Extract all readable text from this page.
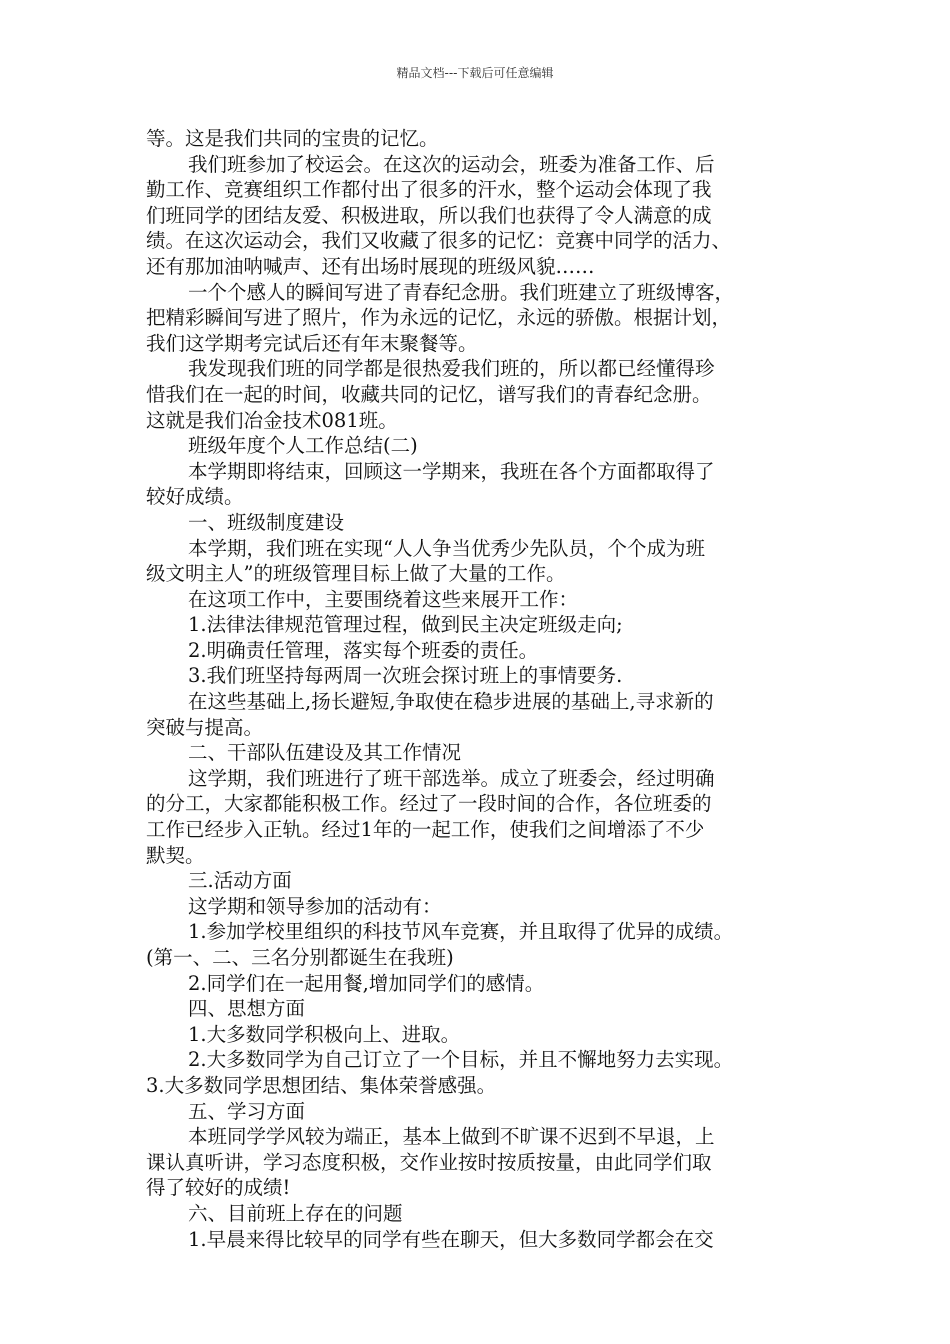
精品文档---下载后可任意编辑
等。这是我们共同的宝贵的记忆。
我们班参加了校运会。在这次的运动会，班委为准备工作、后
勤工作、竞赛组织工作都付出了很多的汗水，整个运动会体现了我
们班同学的团结友爱、积极进取，所以我们也获得了令人满意的成
绩。在这次运动会，我们又收藏了很多的记忆：竞赛中同学的活力、
还有那加油呐喊声、还有出场时展现的班级风貌……
一个个感人的瞬间写进了青春纪念册。我们班建立了班级博客，
把精彩瞬间写进了照片，作为永远的记忆，永远的骄傲。根据计划，
我们这学期考完试后还有年末聚餐等。
我发现我们班的同学都是很热爱我们班的，所以都已经懂得珍
惜我们在一起的时间，收藏共同的记忆，谱写我们的青春纪念册。
这就是我们冶金技术081班。
班级年度个人工作总结(二)
本学期即将结束，回顾这一学期来，我班在各个方面都取得了
较好成绩。
一、班级制度建设
本学期，我们班在实现“人人争当优秀少先队员，个个成为班
级文明主人”的班级管理目标上做了大量的工作。
在这项工作中，主要围绕着这些来展开工作：
1.法律法律规范管理过程，做到民主决定班级走向;
2.明确责任管理，落实每个班委的责任。
3.我们班坚持每两周一次班会探讨班上的事情要务.
在这些基础上,扬长避短,争取使在稳步进展的基础上,寻求新的
突破与提高。
二、干部队伍建设及其工作情况
这学期，我们班进行了班干部选举。成立了班委会，经过明确
的分工，大家都能积极工作。经过了一段时间的合作，各位班委的
工作已经步入正轨。经过1年的一起工作，使我们之间增添了不少
默契。
三.活动方面
这学期和领导参加的活动有：
1.参加学校里组织的科技节风车竞赛，并且取得了优异的成绩。
(第一、二、三名分别都诞生在我班)
2.同学们在一起用餐,增加同学们的感情。
四、思想方面
1.大多数同学积极向上、进取。
2.大多数同学为自己订立了一个目标，并且不懈地努力去实现。
3.大多数同学思想团结、集体荣誉感强。
五、学习方面
本班同学学风较为端正，基本上做到不旷课不迟到不早退，上
课认真听讲，学习态度积极，交作业按时按质按量，由此同学们取
得了较好的成绩!
六、目前班上存在的问题
1.早晨来得比较早的同学有些在聊天，但大多数同学都会在交
